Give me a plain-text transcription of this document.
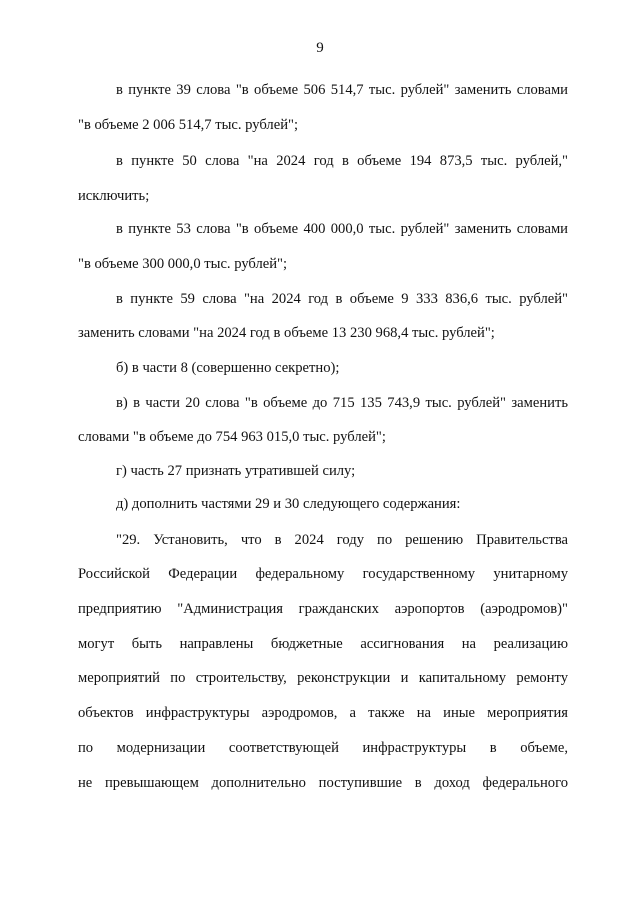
9
в пункте 39 слова "в объеме 506 514,7 тыс. рублей" заменить словами
"в объеме 2 006 514,7 тыс. рублей";
в пункте 50 слова "на 2024 год в объеме 194 873,5 тыс. рублей,"
исключить;
в пункте 53 слова "в объеме 400 000,0 тыс. рублей" заменить словами
"в объеме 300 000,0 тыс. рублей";
в пункте 59 слова "на 2024 год в объеме 9 333 836,6 тыс. рублей"
заменить словами "на 2024 год в объеме 13 230 968,4 тыс. рублей";
б) в части 8 (совершенно секретно);
в) в части 20 слова "в объеме до 715 135 743,9 тыс. рублей" заменить
словами "в объеме до 754 963 015,0 тыс. рублей";
г) часть 27 признать утратившей силу;
д) дополнить частями 29 и 30 следующего содержания:
"29. Установить, что в 2024 году по решению Правительства
Российской Федерации федеральному государственному унитарному
предприятию "Администрация гражданских аэропортов (аэродромов)"
могут быть направлены бюджетные ассигнования на реализацию
мероприятий по строительству, реконструкции и капитальному ремонту
объектов инфраструктуры аэродромов, а также на иные мероприятия
по модернизации соответствующей инфраструктуры в объеме,
не превышающем дополнительно поступившие в доход федерального
